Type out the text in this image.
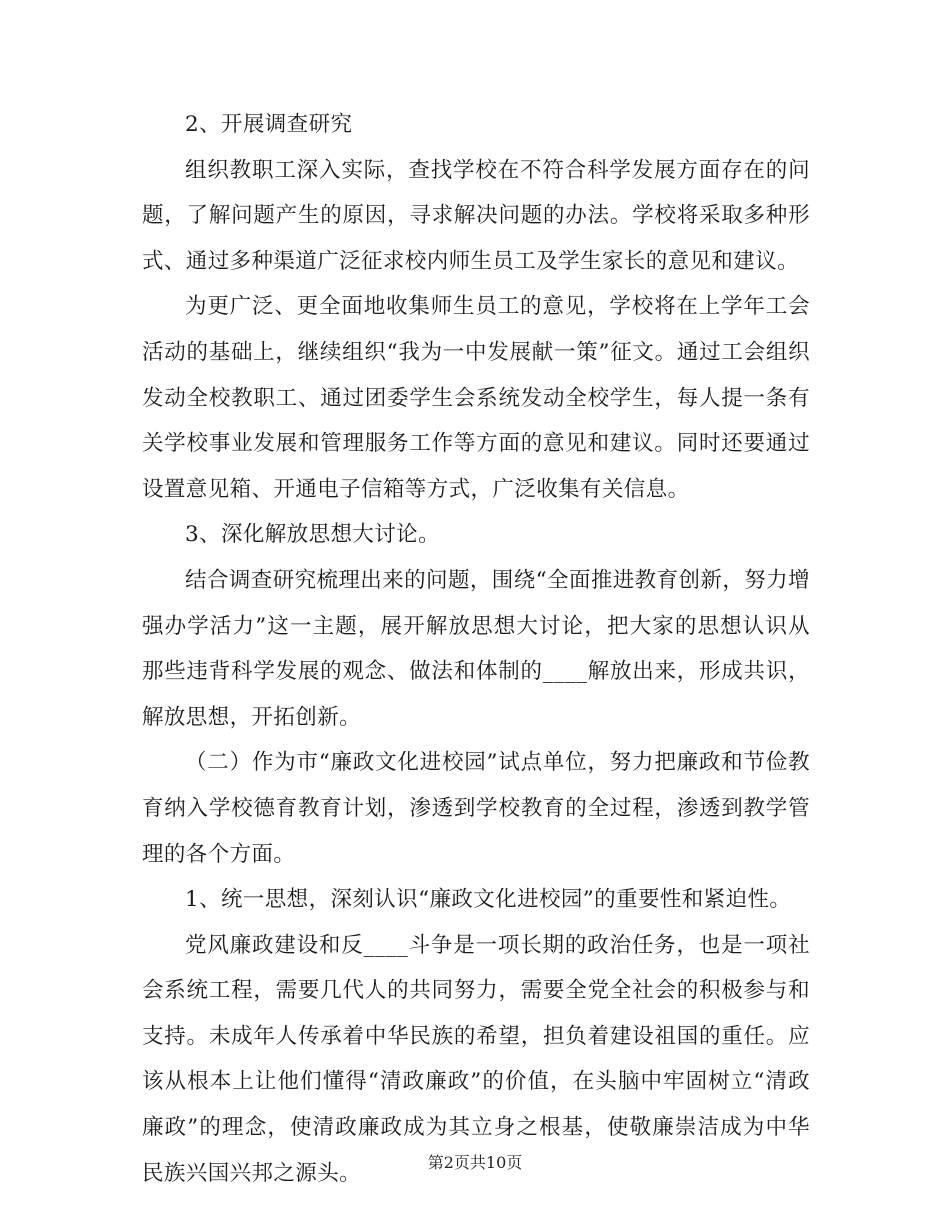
2、开展调查研究

组织教职工深入实际，查找学校在不符合科学发展方面存在的问题，了解问题产生的原因，寻求解决问题的办法。学校将采取多种形式、通过多种渠道广泛征求校内师生员工及学生家长的意见和建议。

为更广泛、更全面地收集师生员工的意见，学校将在上学年工会活动的基础上，继续组织“我为一中发展献一策”征文。通过工会组织发动全校教职工、通过团委学生会系统发动全校学生，每人提一条有关学校事业发展和管理服务工作等方面的意见和建议。同时还要通过设置意见箱、开通电子信箱等方式，广泛收集有关信息。

3、深化解放思想大讨论。

结合调查研究梳理出来的问题，围绕“全面推进教育创新，努力增强办学活力”这一主题，展开解放思想大讨论，把大家的思想认识从那些违背科学发展的观念、做法和体制的____解放出来，形成共识，解放思想，开拓创新。

（二）作为市“廉政文化进校园”试点单位，努力把廉政和节俭教育纳入学校德育教育计划，渗透到学校教育的全过程，渗透到教学管理的各个方面。

1、统一思想，深刻认识“廉政文化进校园”的重要性和紧迫性。

党风廉政建设和反____斗争是一项长期的政治任务，也是一项社会系统工程，需要几代人的共同努力，需要全党全社会的积极参与和支持。未成年人传承着中华民族的希望，担负着建设祖国的重任。应该从根本上让他们懂得“清政廉政”的价值，在头脑中牢固树立“清政廉政”的理念，使清政廉政成为其立身之根基，使敬廉崇洁成为中华民族兴国兴邦之源头。	第2页共10页
